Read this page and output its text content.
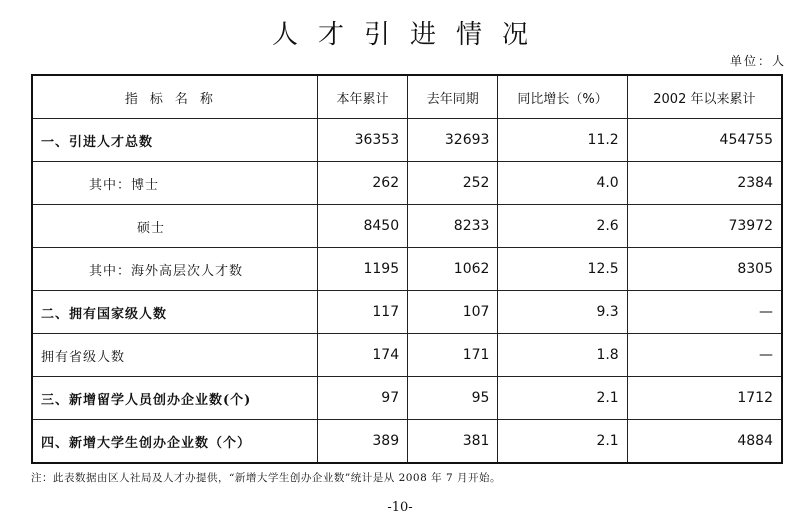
人才引进情况
单位：人
指标名称	本年累计	去年同期	同比增长（%）	2002 年以来累计
一、引进人才总数	36353	32693	11.2	454755
其中：博士	262	252	4.0	2384
硕士	8450	8233	2.6	73972
其中：海外高层次人才数	1195	1062	12.5	8305
二、拥有国家级人数	117	107	9.3	—
拥有省级人数	174	171	1.8	—
三、新增留学人员创办企业数(个)	97	95	2.1	1712
四、新增大学生创办企业数（个）	389	381	2.1	4884
注：此表数据由区人社局及人才办提供，“新增大学生创办企业数”统计是从 2008 年 7 月开始。
-10-
